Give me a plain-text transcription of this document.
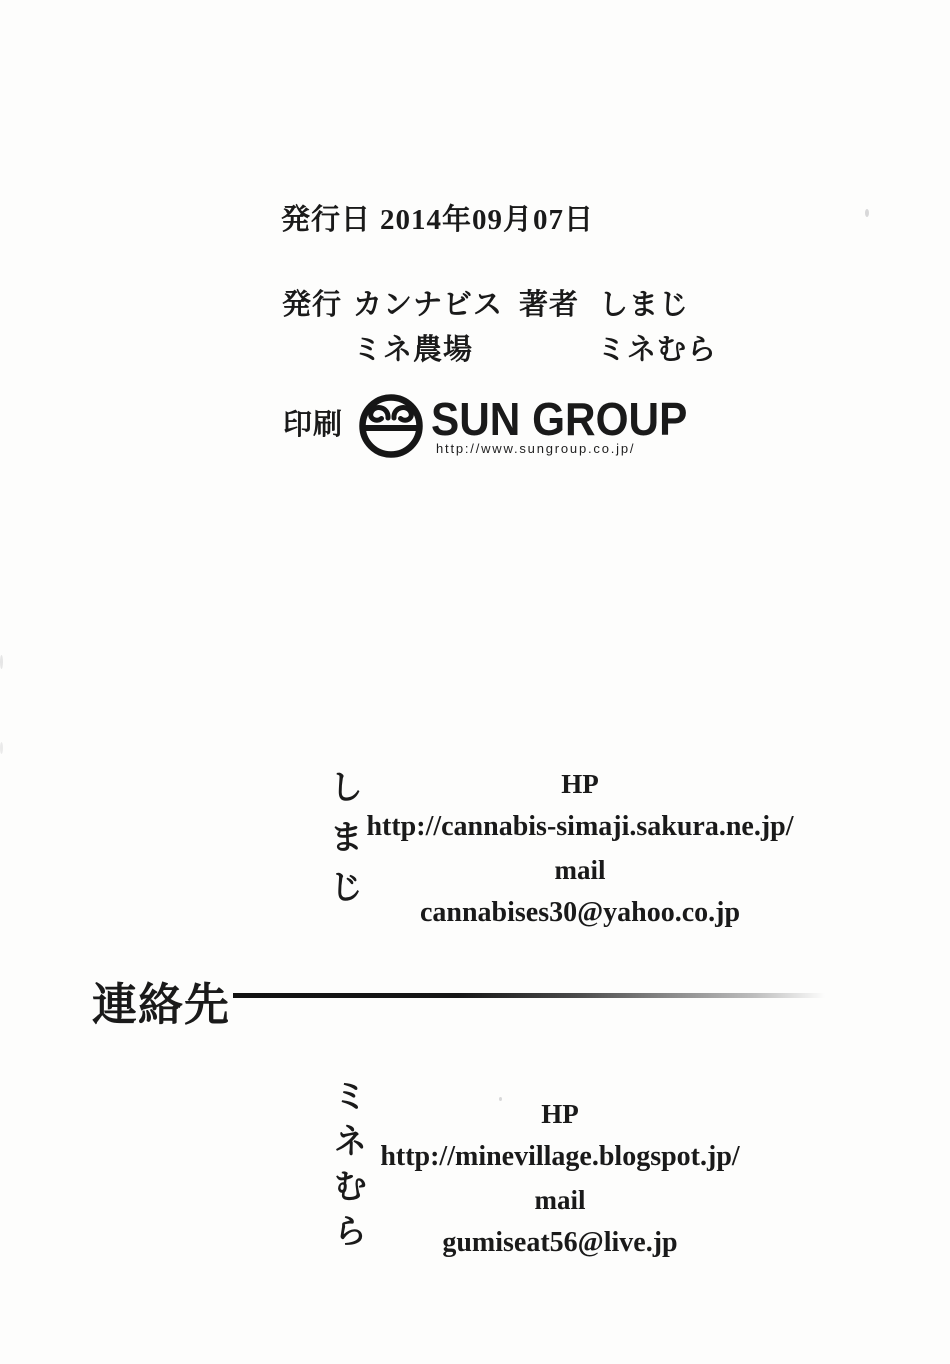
発行日 2014年09月07日
発行 カンナビス 著者 しまじ
ミネ農場	ミネむら
印刷 SUN GROUP
http://www.sungroup.co.jp/
しまじ	HP
http://cannabis-simaji.sakura.ne.jp/
mail
cannabises30@yahoo.co.jp
連絡先
ミネむら	HP
http://minevillage.blogspot.jp/
mail
gumiseat56@live.jp
